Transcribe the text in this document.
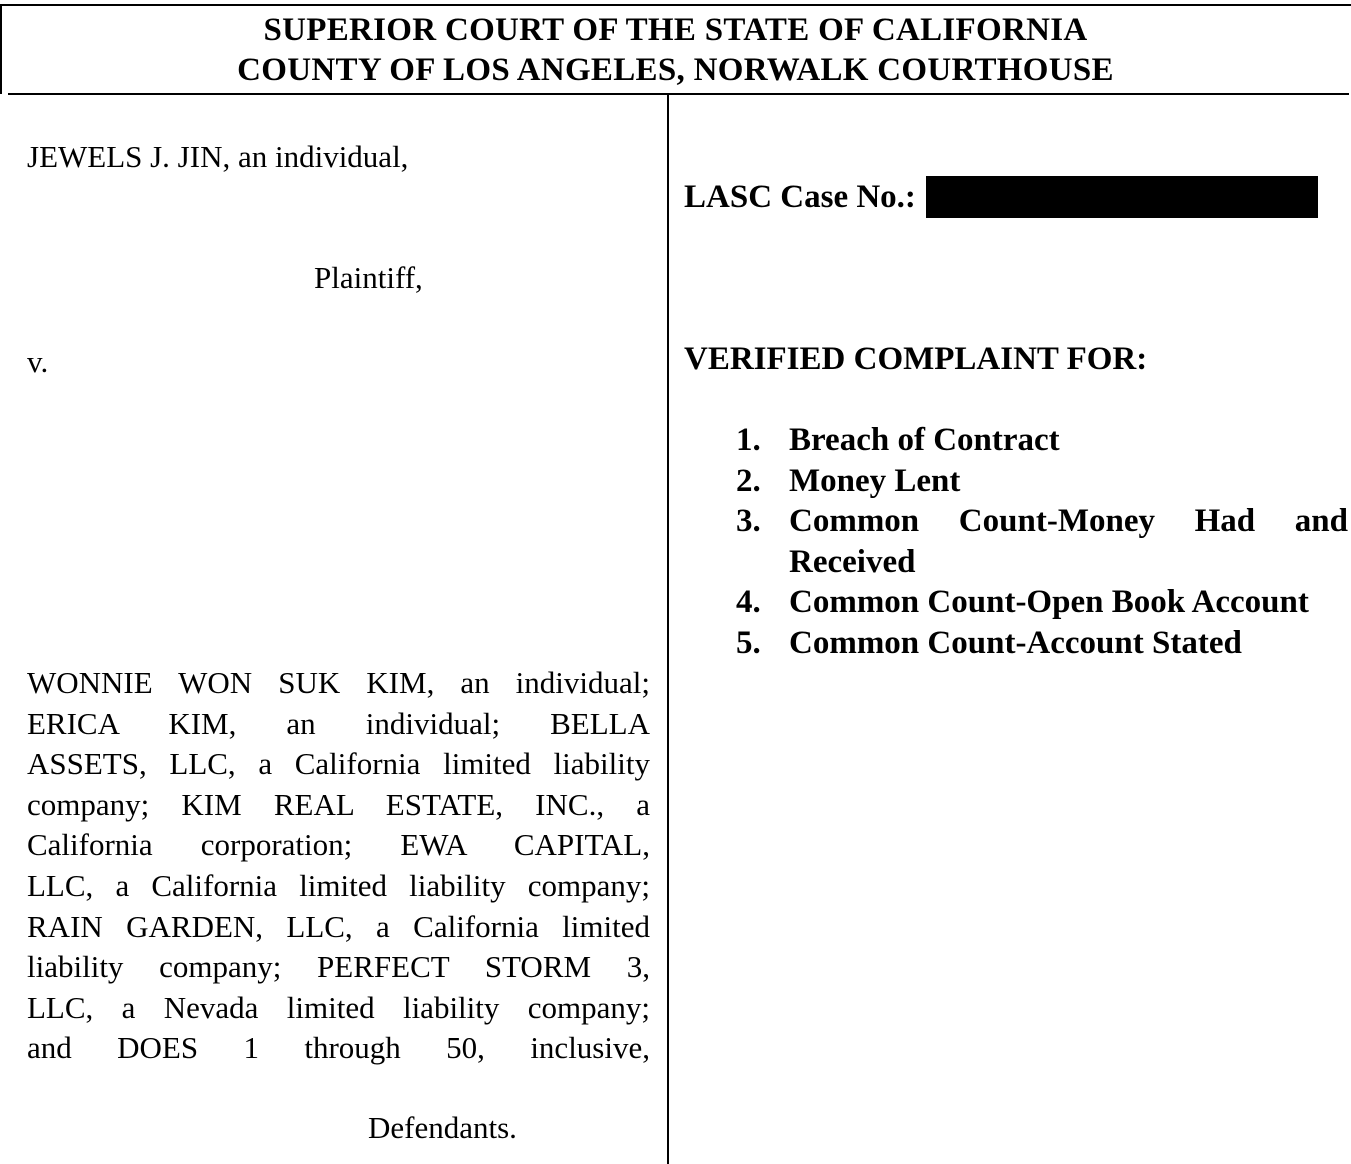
SUPERIOR COURT OF THE STATE OF CALIFORNIA
COUNTY OF LOS ANGELES, NORWALK COURTHOUSE
JEWELS J. JIN, an individual,
Plaintiff,
v.
WONNIE WON SUK KIM, an individual;
ERICA KIM, an individual; BELLA
ASSETS, LLC, a California limited liability
company; KIM REAL ESTATE, INC., a
California corporation; EWA CAPITAL,
LLC, a California limited liability company;
RAIN GARDEN, LLC, a California limited
liability company; PERFECT STORM 3,
LLC, a Nevada limited liability company;
and DOES 1 through 50, inclusive,
Defendants.
LASC Case No.:
VERIFIED COMPLAINT FOR:
1. Breach of Contract
2. Money Lent
3. Common Count-Money Had and
Received
4. Common Count-Open Book Account
5. Common Count-Account Stated
